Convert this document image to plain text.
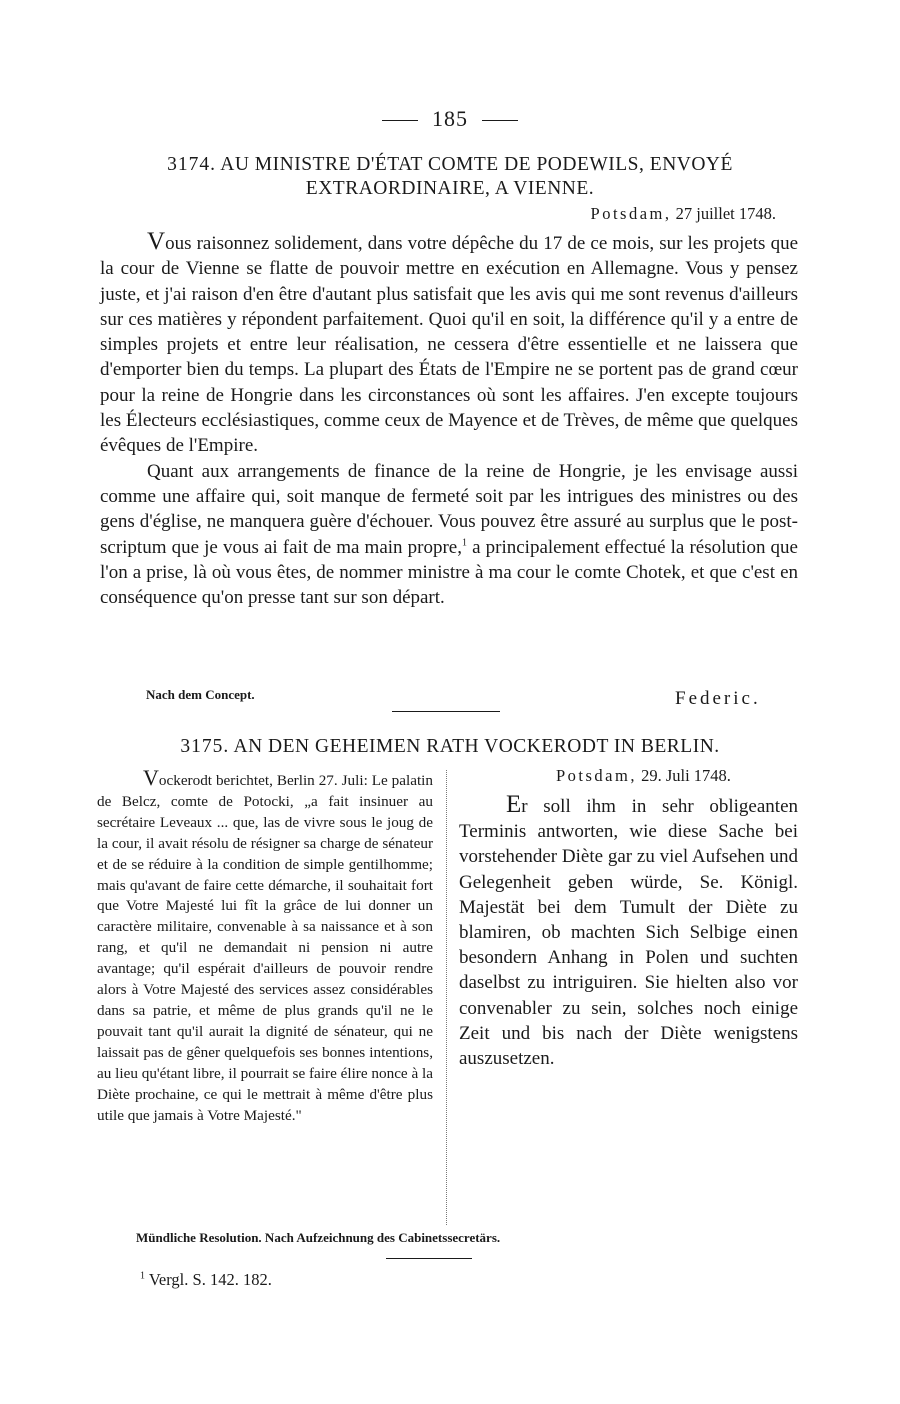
185
3174. AU MINISTRE D'ÉTAT COMTE DE PODEWILS, ENVOYÉ
EXTRAORDINAIRE, A VIENNE.
Potsdam, 27 juillet 1748.

Vous raisonnez solidement, dans votre dépêche du 17 de ce mois, sur les projets que la cour de Vienne se flatte de pouvoir mettre en exécution en Allemagne. Vous y pensez juste, et j'ai raison d'en être d'autant plus satisfait que les avis qui me sont revenus d'ailleurs sur ces matières y répondent parfaitement. Quoi qu'il en soit, la différence qu'il y a entre de simples projets et entre leur réalisation, ne cessera d'être essentielle et ne laissera que d'emporter bien du temps. La plupart des États de l'Empire ne se portent pas de grand cœur pour la reine de Hongrie dans les circonstances où sont les affaires. J'en excepte toujours les Électeurs ecclésiastiques, comme ceux de Mayence et de Trèves, de même que quelques évêques de l'Empire.

Quant aux arrangements de finance de la reine de Hongrie, je les envisage aussi comme une affaire qui, soit manque de fermeté soit par les intrigues des ministres ou des gens d'église, ne manquera guère d'échouer. Vous pouvez être assuré au surplus que le post-scriptum que je vous ai fait de ma main propre,$^1$ a principalement effectué la résolution que l'on a prise, là où vous êtes, de nommer ministre à ma cour le comte Chotek, et que c'est en conséquence qu'on presse tant sur son départ.

Nach dem Concept.	Federic.
3175. AN DEN GEHEIMEN RATH VOCKERODT IN BERLIN.

Vockerodt berichtet, Berlin 27. Juli: Le palatin de Belcz, comte de Potocki, „a fait insinuer au secrétaire Leveaux ... que, las de vivre sous le joug de la cour, il avait résolu de résigner sa charge de sénateur et de se réduire à la condition de simple gentilhomme; mais qu'avant de faire cette démarche, il souhaitait fort que Votre Majesté lui fît la grâce de lui donner un caractère militaire, convenable à sa naissance et à son rang, et qu'il ne demandait ni pension ni autre avantage; qu'il espérait d'ailleurs de pouvoir rendre alors à Votre Majesté des services assez considérables dans sa patrie, et même de plus grands qu'il ne le pouvait tant qu'il aurait la dignité de sénateur, qui ne laissait pas de gêner quelquefois ses bonnes intentions, au lieu qu'étant libre, il pourrait se faire élire nonce à la Diète prochaine, ce qui le mettrait à même d'être plus utile que jamais à Votre Majesté."

Potsdam, 29. Juli 1748.

Er soll ihm in sehr obligeanten Terminis antworten, wie diese Sache bei vorstehender Diète gar zu viel Aufsehen und Gelegenheit geben würde, Se. Königl. Majestät bei dem Tumult der Diète zu blamiren, ob machten Sich Selbige einen besondern Anhang in Polen und suchten daselbst zu intriguiren. Sie hielten also vor convenabler zu sein, solches noch einige Zeit und bis nach der Diète wenigstens auszusetzen.

Mündliche Resolution. Nach Aufzeichnung des Cabinetssecretärs.
$^1$ Vergl. S. 142. 182.
